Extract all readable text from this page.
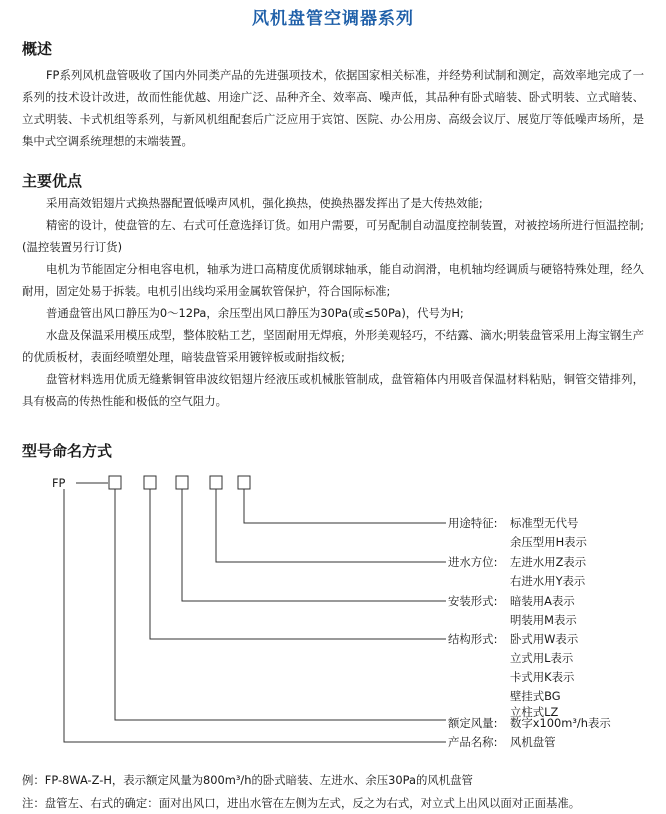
风机盘管空调器系列
概述
FP系列风机盘管吸收了国内外同类产品的先进强项技术，依据国家相关标准，并经势利试制和测定，高效率地完成了一系列的技术设计改进，故而性能优越、用途广泛、品种齐全、效率高、噪声低，其品种有卧式暗装、卧式明装、立式暗装、立式明装、卡式机组等系列，与新风机组配套后广泛应用于宾馆、医院、办公用房、高级会议厅、展览厅等低噪声场所，是集中式空调系统理想的末端装置。
主要优点
采用高效铝翅片式换热器配置低噪声风机，强化换热，使换热器发挥出了是大传热效能;
精密的设计，使盘管的左、右式可任意选择订货。如用户需要，可另配制自动温度控制装置，对被控场所进行恒温控制;(温控装置另行订货)
电机为节能固定分相电容电机，轴承为进口高精度优质钢球轴承，能自动润滑，电机轴均经调质与硬铬特殊处理，经久耐用，固定处易于拆装。电机引出线均采用金属软管保护，符合国际标准;
普通盘管出风口静压为0～12Pa，余压型出风口静压为30Pa(或≤50Pa)，代号为H;
水盘及保温采用模压成型，整体胶粘工艺，坚固耐用无焊痕，外形美观轻巧，不结露、滴水;明装盘管采用上海宝钢生产的优质板材，表面经喷塑处理，暗装盘管采用镀锌板或耐指纹板;
盘管材料选用优质无缝紫铜管串波纹铝翅片经液压或机械胀管制成，盘管箱体内用吸音保温材料粘贴，铜管交错排列，具有极高的传热性能和极低的空气阻力。
型号命名方式
FP
用途特征: 标准型无代号
余压型用H表示
进水方位: 左进水用Z表示
右进水用Y表示
安装形式: 暗装用A表示
明装用M表示
结构形式: 卧式用W表示
立式用L表示
卡式用K表示
壁挂式BG
立柱式LZ
额定风量: 数字x100m³/h表示
产品名称: 风机盘管
例：FP-8WA-Z-H，表示额定风量为800m³/h的卧式暗装、左进水、余压30Pa的风机盘管
注：盘管左、右式的确定：面对出风口，进出水管在左侧为左式，反之为右式，对立式上出风以面对正面基准。
